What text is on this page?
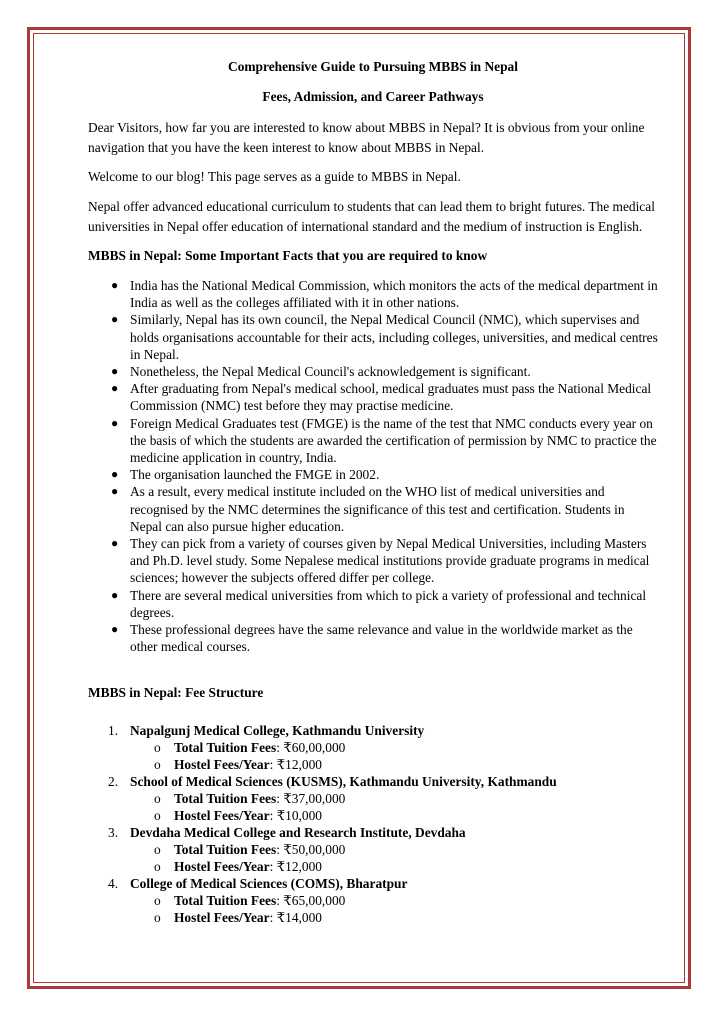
Comprehensive Guide to Pursuing MBBS in Nepal
Fees, Admission, and Career Pathways

Dear Visitors, how far you are interested to know about MBBS in Nepal? It is obvious from your online navigation that you have the keen interest to know about MBBS in Nepal.

Welcome to our blog! This page serves as a guide to MBBS in Nepal.

Nepal offer advanced educational curriculum to students that can lead them to bright futures. The medical universities in Nepal offer education of international standard and the medium of instruction is English.

MBBS in Nepal: Some Important Facts that you are required to know
● India has the National Medical Commission, which monitors the acts of the medical department in India as well as the colleges affiliated with it in other nations.
● Similarly, Nepal has its own council, the Nepal Medical Council (NMC), which supervises and holds organisations accountable for their acts, including colleges, universities, and medical centres in Nepal.
● Nonetheless, the Nepal Medical Council's acknowledgement is significant.
● After graduating from Nepal's medical school, medical graduates must pass the National Medical Commission (NMC) test before they may practise medicine.
● Foreign Medical Graduates test (FMGE) is the name of the test that NMC conducts every year on the basis of which the students are awarded the certification of permission by NMC to practice the medicine application in country, India.
● The organisation launched the FMGE in 2002.
● As a result, every medical institute included on the WHO list of medical universities and recognised by the NMC determines the significance of this test and certification. Students in Nepal can also pursue higher education.
● They can pick from a variety of courses given by Nepal Medical Universities, including Masters and Ph.D. level study. Some Nepalese medical institutions provide graduate programs in medical sciences; however the subjects offered differ per college.
● There are several medical universities from which to pick a variety of professional and technical degrees.
● These professional degrees have the same relevance and value in the worldwide market as the other medical courses.
MBBS in Nepal: Fee Structure
1. Napalgunj Medical College, Kathmandu University
o Total Tuition Fees: ₹60,00,000
o Hostel Fees/Year: ₹12,000
2. School of Medical Sciences (KUSMS), Kathmandu University, Kathmandu
o Total Tuition Fees: ₹37,00,000
o Hostel Fees/Year: ₹10,000
3. Devdaha Medical College and Research Institute, Devdaha
o Total Tuition Fees: ₹50,00,000
o Hostel Fees/Year: ₹12,000
4. College of Medical Sciences (COMS), Bharatpur
o Total Tuition Fees: ₹65,00,000
o Hostel Fees/Year: ₹14,000
